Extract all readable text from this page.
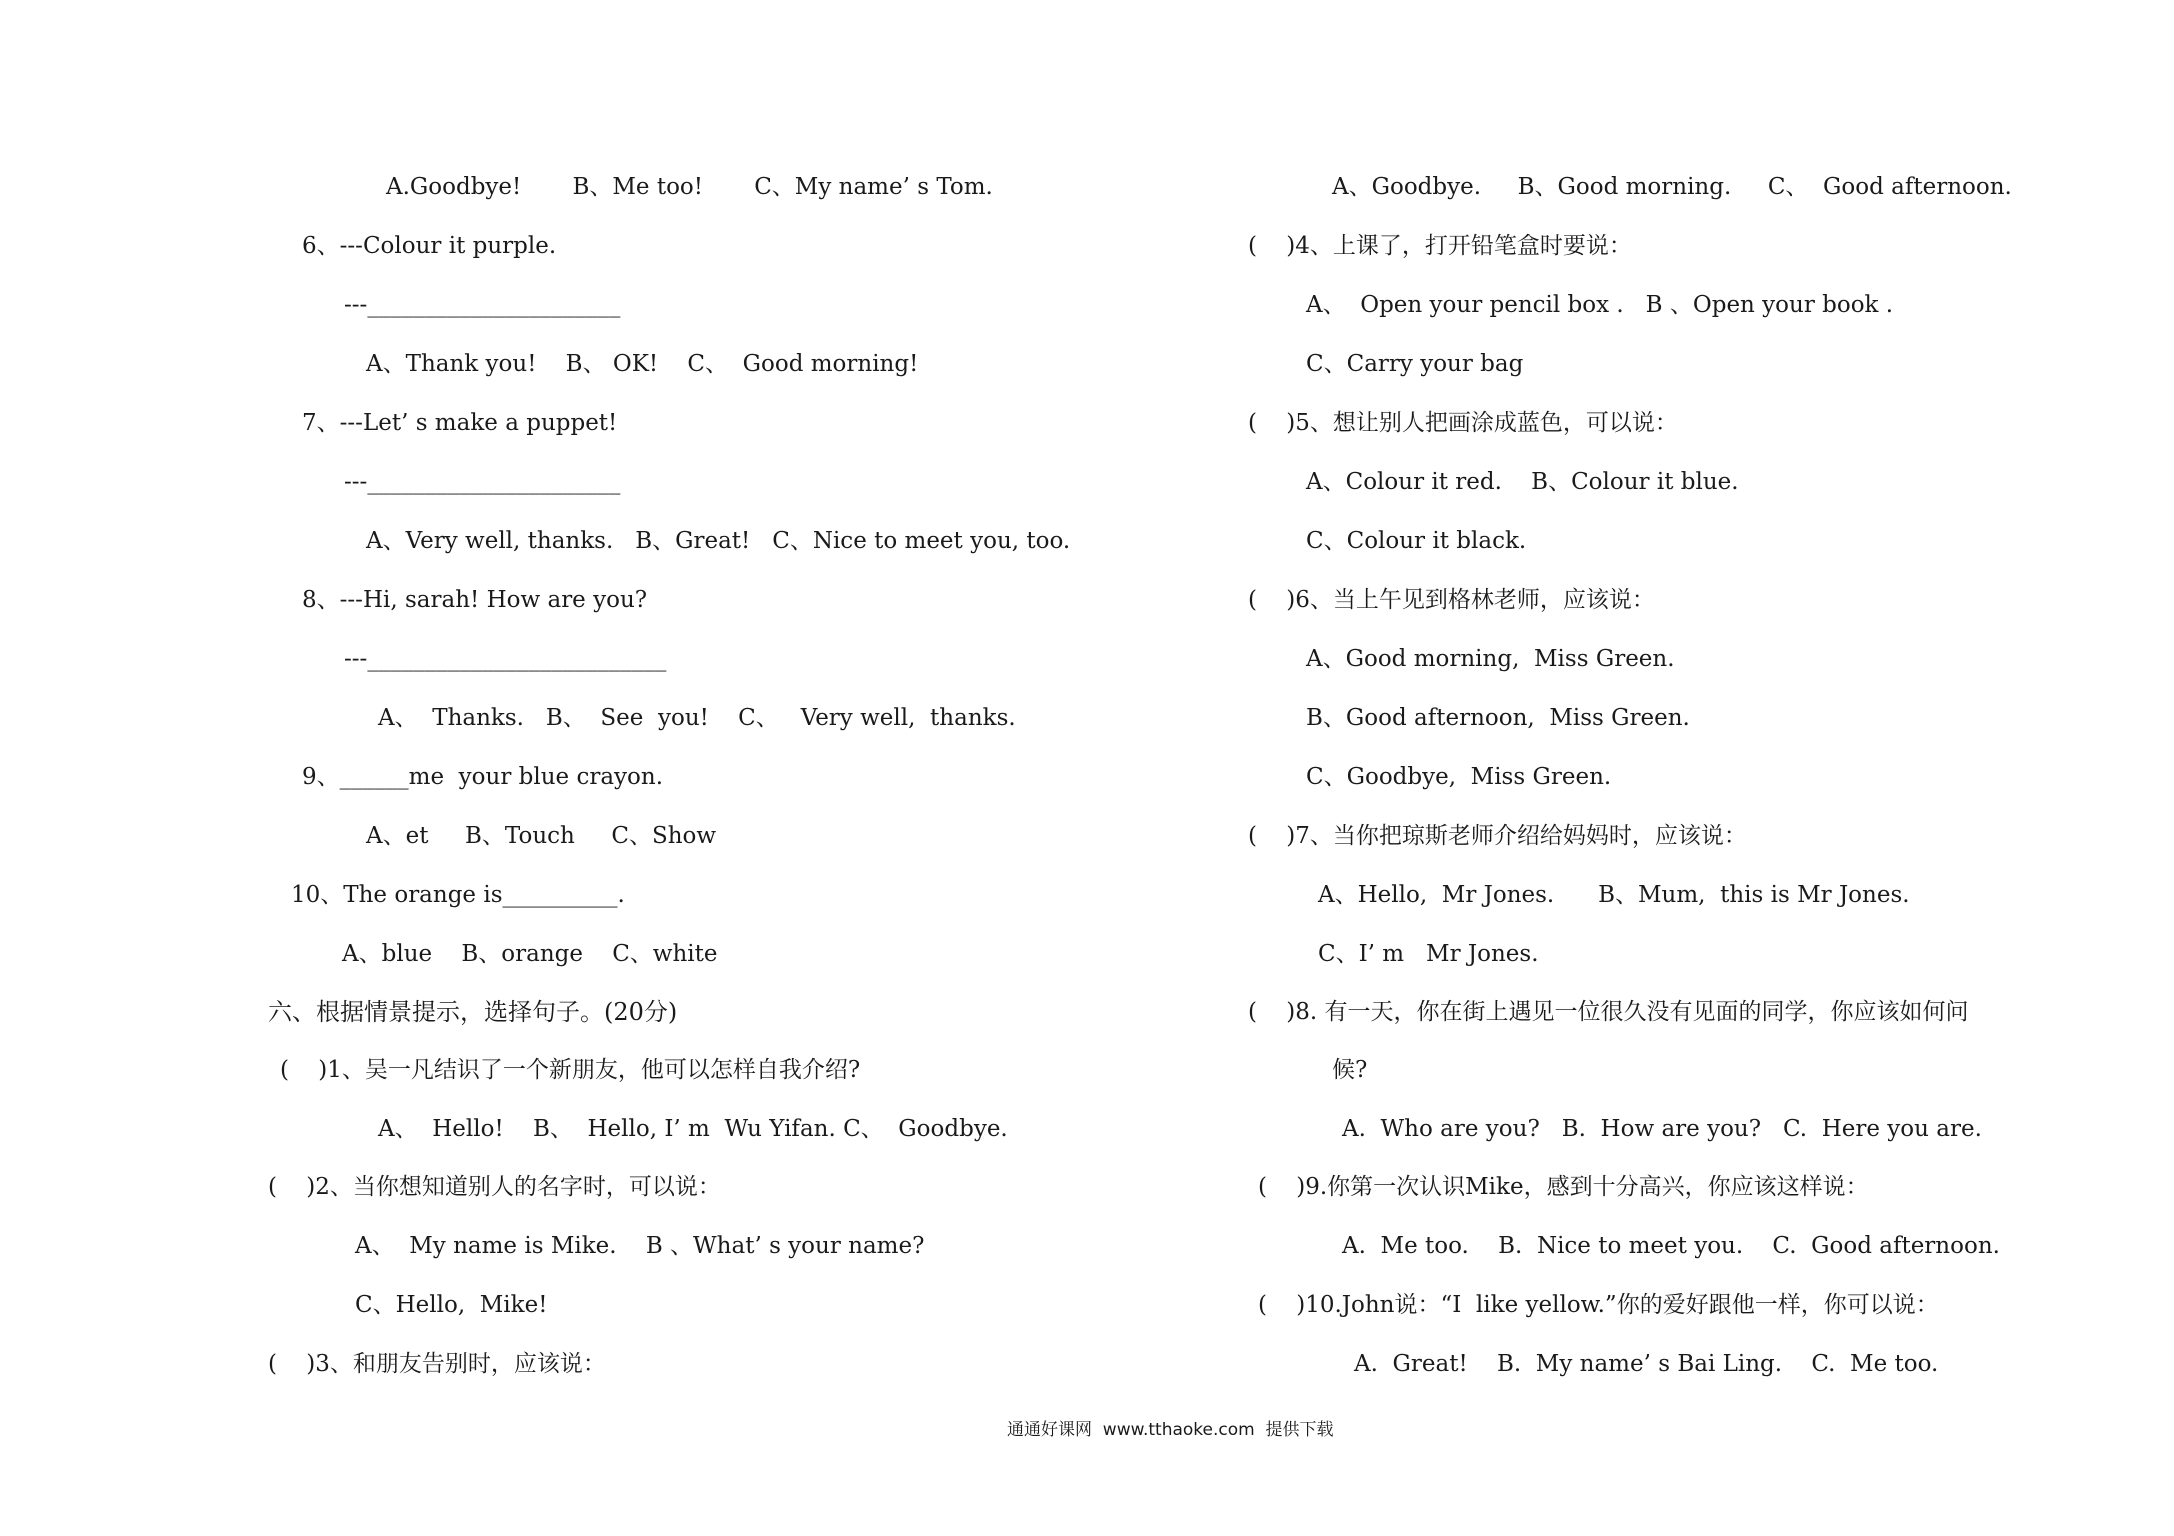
A.Goodbye!       B、Me too!       C、My name’ s Tom.
6、---Colour it purple.
---______________________
A、Thank you!    B、 OK!    C、  Good morning!
7、---Let’ s make a puppet!
---______________________
A、Very well, thanks.   B、Great!   C、Nice to meet you, too.
8、---Hi, sarah! How are you?
---__________________________
A、  Thanks.   B、  See  you!    C、   Very well,  thanks.
9、______me  your blue crayon.
A、et     B、Touch     C、Show
10、The orange is__________.
A、blue    B、orange    C、white
六、根据情景提示，选择句子。(20分)
(    )1、吴一凡结识了一个新朋友，他可以怎样自我介绍?
A、  Hello!    B、  Hello, I’ m  Wu Yifan. C、  Goodbye.
(    )2、当你想知道别人的名字时，可以说：
A、  My name is Mike.    B 、What’ s your name?
C、Hello,  Mike!
(    )3、和朋友告别时，应该说：
A、Goodbye.     B、Good morning.     C、  Good afternoon.
(    )4、上课了，打开铅笔盒时要说：
A、  Open your pencil box .   B 、Open your book .
C、Carry your bag
(    )5、想让别人把画涂成蓝色，可以说：
A、Colour it red.    B、Colour it blue.
C、Colour it black.
(    )6、当上午见到格林老师，应该说：
A、Good morning,  Miss Green.
B、Good afternoon,  Miss Green.
C、Goodbye,  Miss Green.
(    )7、当你把琼斯老师介绍给妈妈时，应该说：
A、Hello,  Mr Jones.      B、Mum,  this is Mr Jones.
C、I’ m   Mr Jones.
(    )8. 有一天，你在街上遇见一位很久没有见面的同学，你应该如何问
候?
A.  Who are you?   B.  How are you?   C.  Here you are.
(    )9.你第一次认识Mike，感到十分高兴，你应该这样说：
A.  Me too.    B.  Nice to meet you.    C.  Good afternoon.
(    )10.John说：“I  like yellow.”你的爱好跟他一样，你可以说：
A.  Great!    B.  My name’ s Bai Ling.    C.  Me too.
通通好课网  www.tthaoke.com  提供下载
